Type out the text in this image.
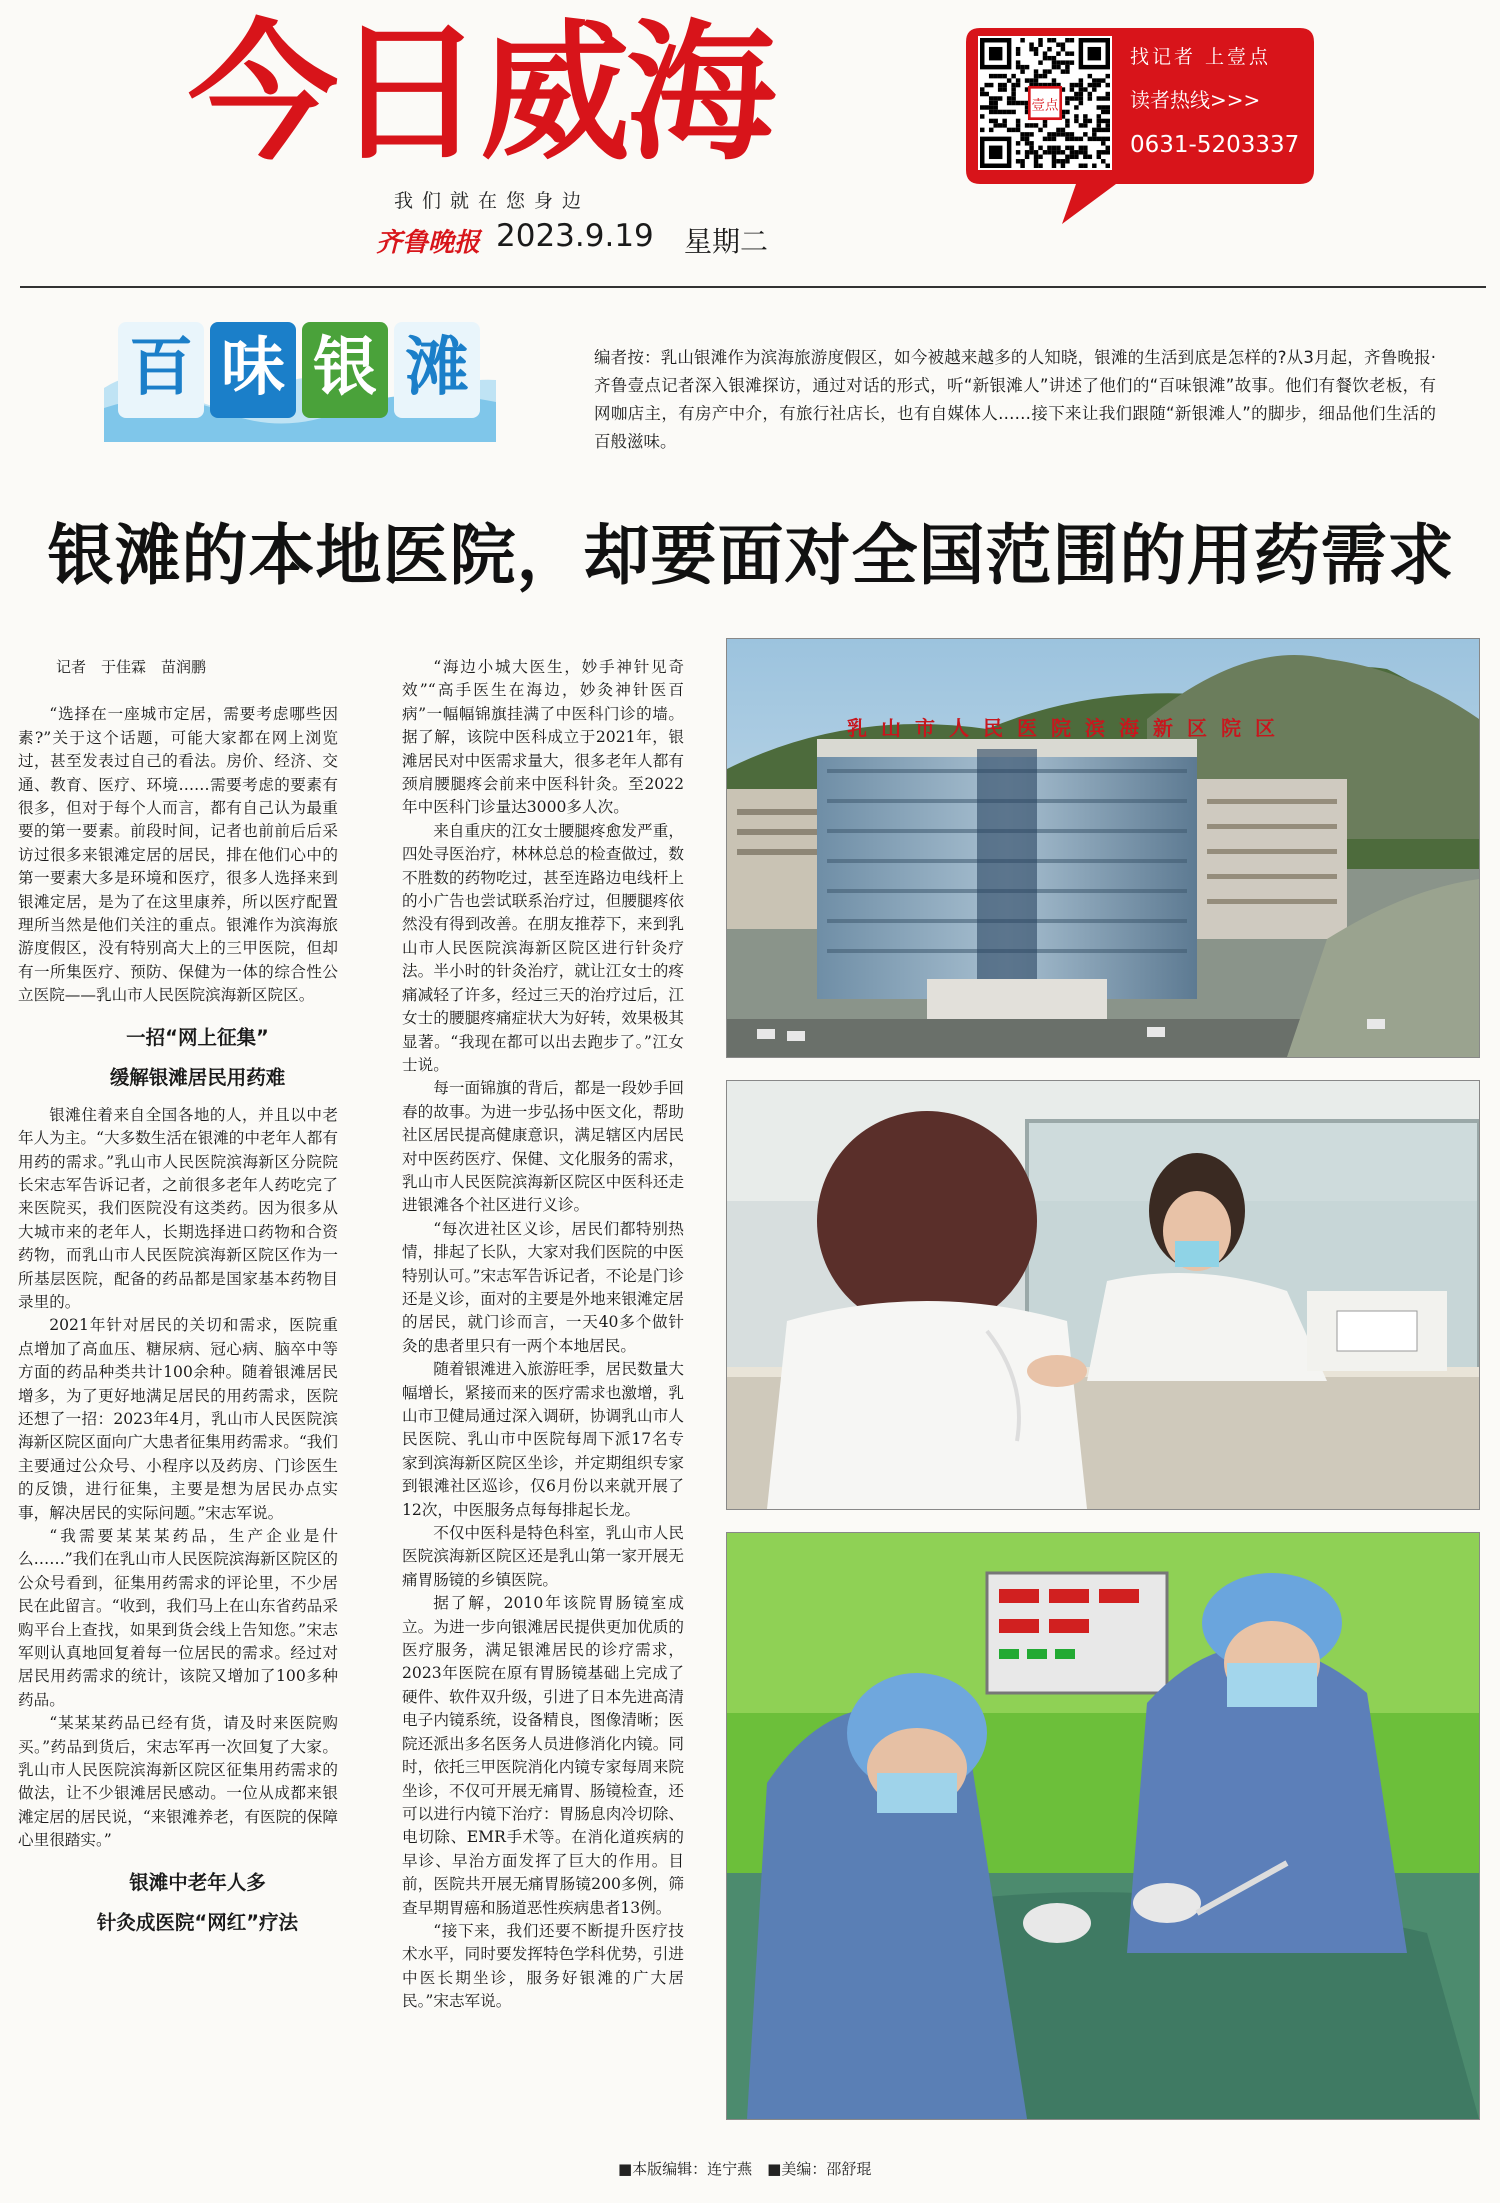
今日威海
我们就在您身边
齐鲁晚报 2023.9.19 星期二
壹点
找记者 上壹点
读者热线>>>
0631-5203337
百 味 银 滩	编者按：乳山银滩作为滨海旅游度假区，如今被越来越多的人知晓，银滩的生活到底是怎样的?从3月起，齐鲁晚报·齐鲁壹点记者深入银滩探访，通过对话的形式，听“新银滩人”讲述了他们的“百味银滩”故事。他们有餐饮老板，有网咖店主，有房产中介，有旅行社店长，也有自媒体人……接下来让我们跟随“新银滩人”的脚步，细品他们生活的百般滋味。
银滩的本地医院，却要面对全国范围的用药需求

记者　于佳霖　苗润鹏

“选择在一座城市定居，需要考虑哪些因素?”关于这个话题，可能大家都在网上浏览过，甚至发表过自己的看法。房价、经济、交通、教育、医疗、环境……需要考虑的要素有很多，但对于每个人而言，都有自己认为最重要的第一要素。前段时间，记者也前前后后采访过很多来银滩定居的居民，排在他们心中的第一要素大多是环境和医疗，很多人选择来到银滩定居，是为了在这里康养，所以医疗配置理所当然是他们关注的重点。银滩作为滨海旅游度假区，没有特别高大上的三甲医院，但却有一所集医疗、预防、保健为一体的综合性公立医院——乳山市人民医院滨海新区院区。

一招“网上征集”

缓解银滩居民用药难

银滩住着来自全国各地的人，并且以中老年人为主。“大多数生活在银滩的中老年人都有用药的需求。”乳山市人民医院滨海新区分院院长宋志军告诉记者，之前很多老年人药吃完了来医院买，我们医院没有这类药。因为很多从大城市来的老年人，长期选择进口药物和合资药物，而乳山市人民医院滨海新区院区作为一所基层医院，配备的药品都是国家基本药物目录里的。

2021年针对居民的关切和需求，医院重点增加了高血压、糖尿病、冠心病、脑卒中等方面的药品种类共计100余种。随着银滩居民增多，为了更好地满足居民的用药需求，医院还想了一招：2023年4月，乳山市人民医院滨海新区院区面向广大患者征集用药需求。“我们主要通过公众号、小程序以及药房、门诊医生的反馈，进行征集，主要是想为居民办点实事，解决居民的实际问题。”宋志军说。

“我需要某某某药品，生产企业是什么……”我们在乳山市人民医院滨海新区院区的公众号看到，征集用药需求的评论里，不少居民在此留言。“收到，我们马上在山东省药品采购平台上查找，如果到货会线上告知您。”宋志军则认真地回复着每一位居民的需求。经过对居民用药需求的统计，该院又增加了100多种药品。

“某某某药品已经有货，请及时来医院购买。”药品到货后，宋志军再一次回复了大家。乳山市人民医院滨海新区院区征集用药需求的做法，让不少银滩居民感动。一位从成都来银滩定居的居民说，“来银滩养老，有医院的保障心里很踏实。”

银滩中老年人多

针灸成医院“网红”疗法

“海边小城大医生，妙手神针见奇效”“高手医生在海边，妙灸神针医百病”一幅幅锦旗挂满了中医科门诊的墙。据了解，该院中医科成立于2021年，银滩居民对中医需求量大，很多老年人都有颈肩腰腿疼会前来中医科针灸。至2022年中医科门诊量达3000多人次。

来自重庆的江女士腰腿疼愈发严重，四处寻医治疗，林林总总的检查做过，数不胜数的药物吃过，甚至连路边电线杆上的小广告也尝试联系治疗过，但腰腿疼依然没有得到改善。在朋友推荐下，来到乳山市人民医院滨海新区院区进行针灸疗法。半小时的针灸治疗，就让江女士的疼痛减轻了许多，经过三天的治疗过后，江女士的腰腿疼痛症状大为好转，效果极其显著。“我现在都可以出去跑步了。”江女士说。

每一面锦旗的背后，都是一段妙手回春的故事。为进一步弘扬中医文化，帮助社区居民提高健康意识，满足辖区内居民对中医药医疗、保健、文化服务的需求，乳山市人民医院滨海新区院区中医科还走进银滩各个社区进行义诊。

“每次进社区义诊，居民们都特别热情，排起了长队，大家对我们医院的中医特别认可。”宋志军告诉记者，不论是门诊还是义诊，面对的主要是外地来银滩定居的居民，就门诊而言，一天40多个做针灸的患者里只有一两个本地居民。

随着银滩进入旅游旺季，居民数量大幅增长，紧接而来的医疗需求也激增，乳山市卫健局通过深入调研，协调乳山市人民医院、乳山市中医院每周下派17名专家到滨海新区院区坐诊，并定期组织专家到银滩社区巡诊，仅6月份以来就开展了12次，中医服务点每每排起长龙。

不仅中医科是特色科室，乳山市人民医院滨海新区院区还是乳山第一家开展无痛胃肠镜的乡镇医院。

据了解，2010年该院胃肠镜室成立。为进一步向银滩居民提供更加优质的医疗服务，满足银滩居民的诊疗需求，2023年医院在原有胃肠镜基础上完成了硬件、软件双升级，引进了日本先进高清电子内镜系统，设备精良，图像清晰；医院还派出多名医务人员进修消化内镜。同时，依托三甲医院消化内镜专家每周来院坐诊，不仅可开展无痛胃、肠镜检查，还可以进行内镜下治疗：胃肠息肉冷切除、电切除、EMR手术等。在消化道疾病的早诊、早治方面发挥了巨大的作用。目前，医院共开展无痛胃肠镜200多例，筛查早期胃癌和肠道恶性疾病患者13例。

“接下来，我们还要不断提升医疗技术水平，同时要发挥特色学科优势，引进中医长期坐诊，服务好银滩的广大居民。”宋志军说。

乳山市人民医院滨海新区院区
■本版编辑：连宁燕　■美编：邵舒琨
